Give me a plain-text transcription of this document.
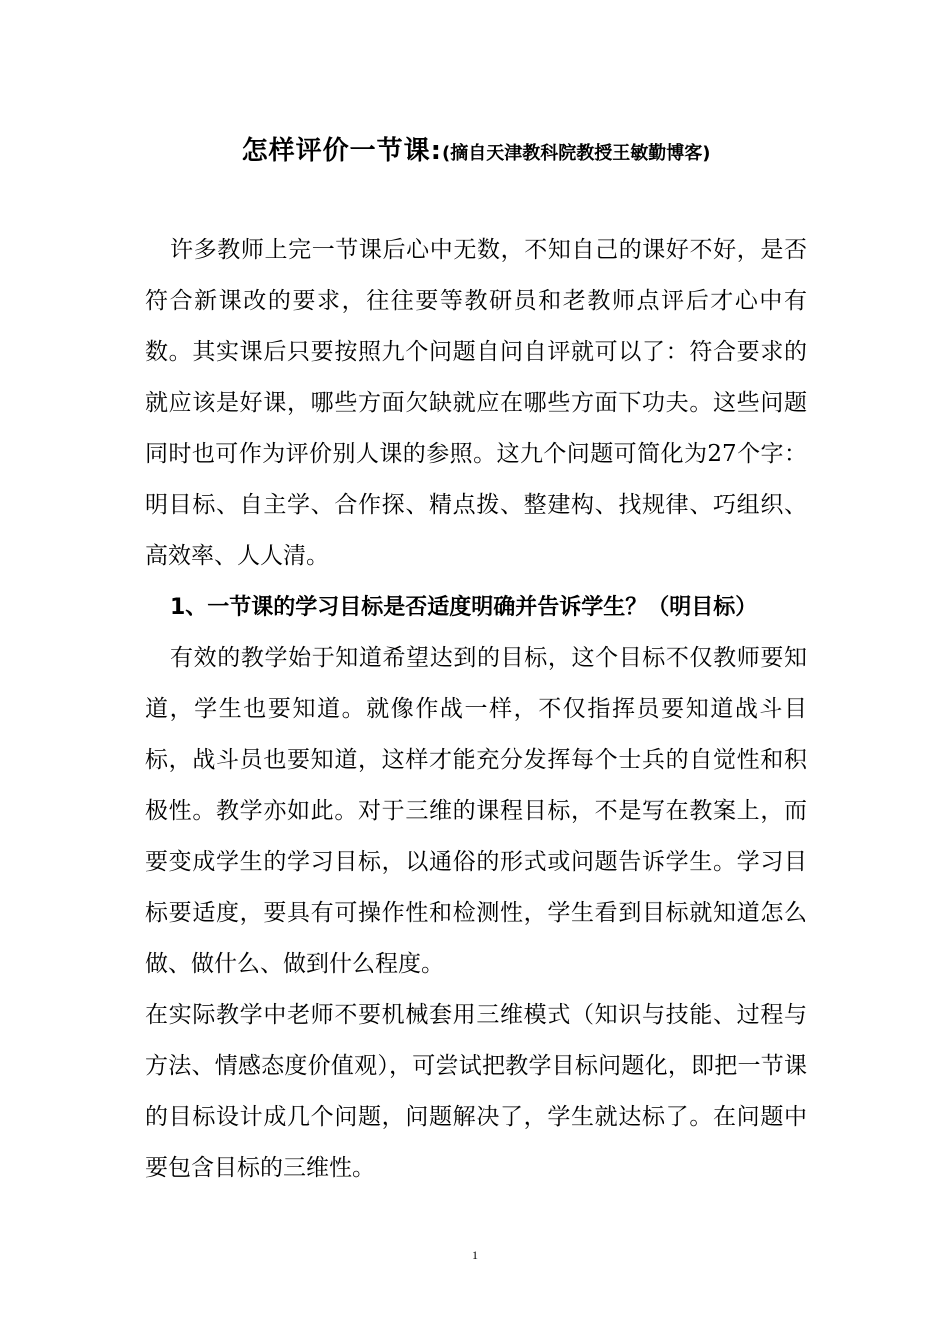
怎样评价一节课:(摘自天津教科院教授王敏勤博客)

许多教师上完一节课后心中无数，不知自己的课好不好，是否符合新课改的要求，往往要等教研员和老教师点评后才心中有数。其实课后只要按照九个问题自问自评就可以了：符合要求的就应该是好课，哪些方面欠缺就应在哪些方面下功夫。这些问题同时也可作为评价别人课的参照。这九个问题可简化为27个字：明目标、自主学、合作探、精点拨、整建构、找规律、巧组织、高效率、人人清。

1、一节课的学习目标是否适度明确并告诉学生？（明目标）

有效的教学始于知道希望达到的目标，这个目标不仅教师要知道，学生也要知道。就像作战一样，不仅指挥员要知道战斗目标，战斗员也要知道，这样才能充分发挥每个士兵的自觉性和积极性。教学亦如此。对于三维的课程目标，不是写在教案上，而要变成学生的学习目标，以通俗的形式或问题告诉学生。学习目标要适度，要具有可操作性和检测性，学生看到目标就知道怎么做、做什么、做到什么程度。

在实际教学中老师不要机械套用三维模式（知识与技能、过程与方法、情感态度价值观），可尝试把教学目标问题化，即把一节课的目标设计成几个问题，问题解决了，学生就达标了。在问题中要包含目标的三维性。

1
